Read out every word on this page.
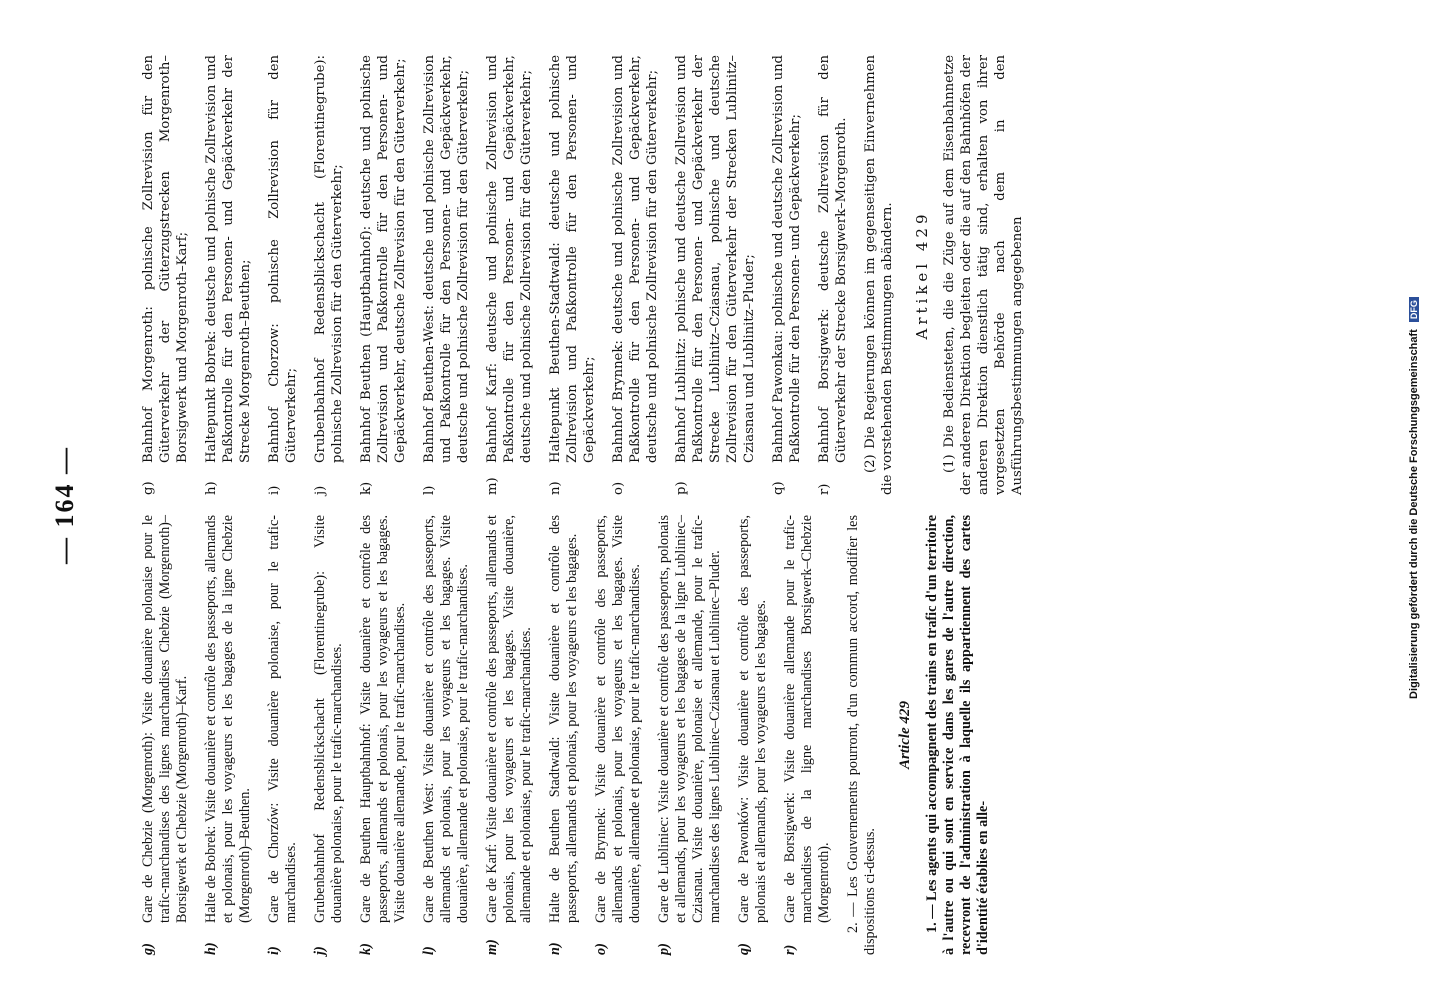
— 164 —
g)
Gare de Chebzie (Morgenroth): Visite douanière polonaise pour le trafic-marchandises des lignes marchandises Chebzie (Morgenroth)–Borsigwerk et Chebzie (Morgenroth)–Karf.
h)
Halte de Bobrek: Visite douanière et contrôle des passeports, allemands et polonais, pour les voyageurs et les bagages de la ligne Chebzie (Morgenroth)–Beuthen.
i)
Gare de Chorzów: Visite douanière polonaise, pour le trafic-marchandises.
j)
Grubenbahnhof Redensblickschacht (Florentinegrube): Visite douanière polonaise, pour le trafic-marchandises.
k)
Gare de Beuthen Hauptbahnhof: Visite douanière et contrôle des passeports, allemands et polonais, pour les voyageurs et les bagages. Visite douanière allemande, pour le trafic-marchandises.
l)
Gare de Beuthen West: Visite douanière et contrôle des passeports, allemands et polonais, pour les voyageurs et les bagages. Visite douanière, allemande et polonaise, pour le trafic-marchandises.
m)
Gare de Karf: Visite douanière et contrôle des passeports, allemands et polonais, pour les voyageurs et les bagages. Visite douanière, allemande et polonaise, pour le trafic-marchandises.
n)
Halte de Beuthen Stadtwald: Visite douanière et contrôle des passeports, allemands et polonais, pour les voyageurs et les bagages.
o)
Gare de Brynnek: Visite douanière et contrôle des passeports, allemands et polonais, pour les voyageurs et les bagages. Visite douanière, allemande et polonaise, pour le trafic-marchandises.
p)
Gare de Lubliniec: Visite douanière et contrôle des passeports, polonais et allemands, pour les voyageurs et les bagages de la ligne Lubliniec–Cziasnau. Visite douanière, polonaise et allemande, pour le trafic-marchandises des lignes Lubliniec–Cziasnau et Lubliniec–Pluder.
q)
Gare de Pawonków: Visite douanière et contrôle des passeports, polonais et allemands, pour les voyageurs et les bagages.
r)
Gare de Borsigwerk: Visite douanière allemande pour le trafic-marchandises de la ligne marchandises Borsigwerk–Chebzie (Morgenroth). 2. — Les Gouvernements pourront, d'un commun accord, modifier les dispositions ci-dessus.

Article 429 1. — Les agents qui accompagnent des trains en trafic d'un territoire à l'autre ou qui sont en service dans les gares de l'autre direction, recevront de l'administration à laquelle ils appartiennent des cartes d'identité établies en alle-

g)
Bahnhof Morgenroth: polnische Zollrevision für den Güterverkehr der Güterzugstrecken Morgenroth–Borsigwerk und Morgenroth–Karf;
h)
Haltepunkt Bobrek: deutsche und polnische Zollrevision und Paßkontrolle für den Personen- und Gepäckverkehr der Strecke Morgenroth–Beuthen;
i)
Bahnhof Chorzow: polnische Zollrevision für den Güterverkehr;
j)
Grubenbahnhof Redensblickschacht (Florentinegrube): polnische Zollrevision für den Güterverkehr;
k)
Bahnhof Beuthen (Hauptbahnhof): deutsche und polnische Zollrevision und Paßkontrolle für den Personen- und Gepäckverkehr, deutsche Zollrevision für den Güterverkehr;
l)
Bahnhof Beuthen-West: deutsche und polnische Zollrevision und Paßkontrolle für den Personen- und Gepäckverkehr, deutsche und polnische Zollrevision für den Güterverkehr;
m)
Bahnhof Karf: deutsche und polnische Zollrevision und Paßkontrolle für den Personen- und Gepäckverkehr, deutsche und polnische Zollrevision für den Güterverkehr;
n)
Haltepunkt Beuthen-Stadtwald: deutsche und polnische Zollrevision und Paßkontrolle für den Personen- und Gepäckverkehr;
o)
Bahnhof Brynnek: deutsche und polnische Zollrevision und Paßkontrolle für den Personen- und Gepäckverkehr, deutsche und polnische Zollrevision für den Güterverkehr;
p)
Bahnhof Lublinitz: polnische und deutsche Zollrevision und Paßkontrolle für den Personen- und Gepäckverkehr der Strecke Lublinitz–Cziasnau, polnische und deutsche Zollrevision für den Güterverkehr der Strecken Lublinitz–Cziasnau und Lublinitz–Pluder;
q)
Bahnhof Pawonkau: polnische und deutsche Zollrevision und Paßkontrolle für den Personen- und Gepäckverkehr;
r)
Bahnhof Borsigwerk: deutsche Zollrevision für den Güterverkehr der Strecke Borsigwerk–Morgenroth. (2) Die Regierungen können im gegenseitigen Einvernehmen die vorstehenden Bestimmungen abändern. Artikel 429 (1) Die Bediensteten, die die Züge auf dem Eisenbahnnetze der anderen Direktion begleiten oder die auf den Bahnhöfen der anderen Direktion dienstlich tätig sind, erhalten von ihrer vorgesetzten Behörde nach dem in den Ausführungsbestimmungen angegebenen	Digitalisierung gefördert durch die Deutsche Forschungsgemeinschaft DFG
